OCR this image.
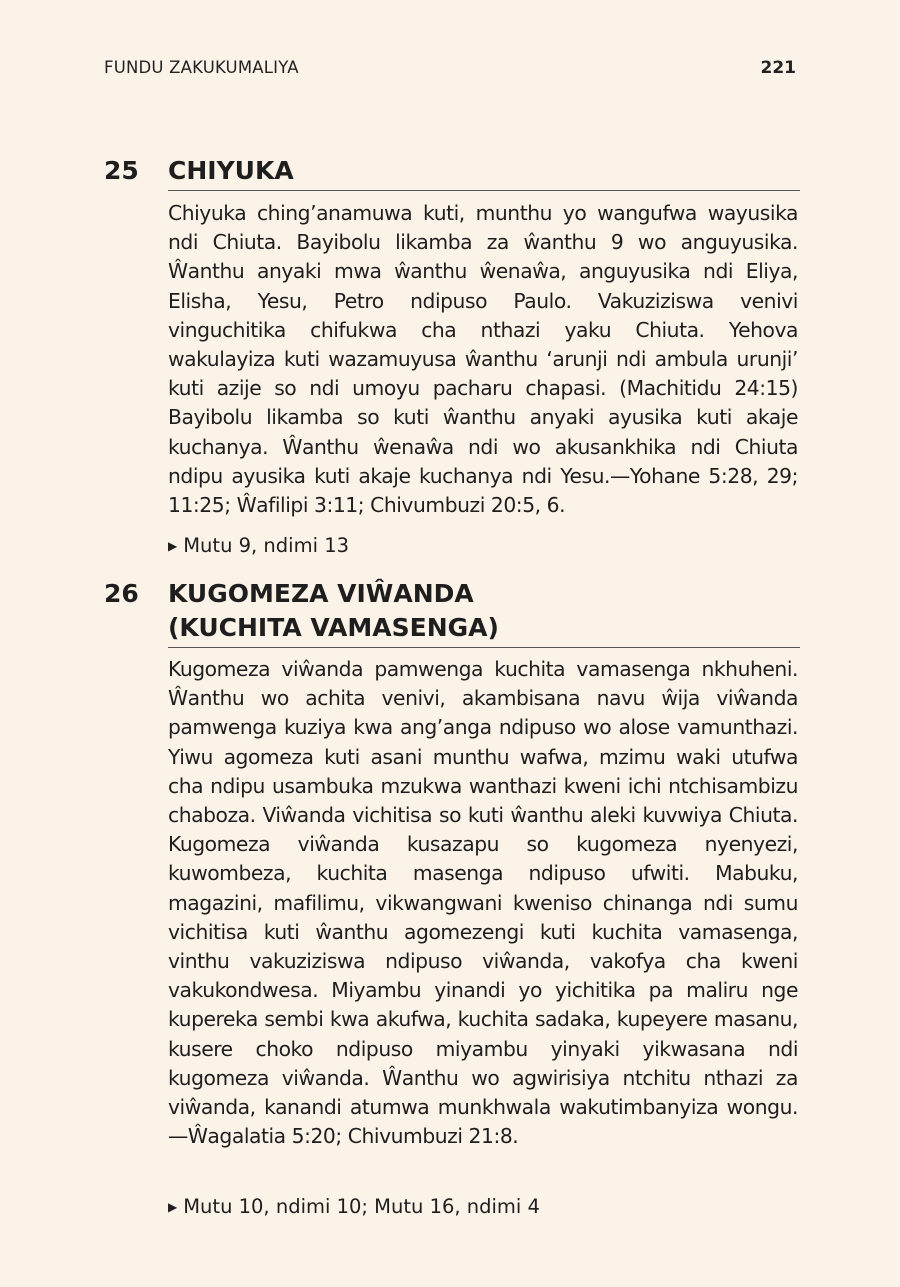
FUNDU ZAKUKUMALIYA	221
25 CHIYUKA

Chiyuka ching’anamuwa kuti, munthu yo wangufwa wayusika ndi Chiuta. Bayibolu likamba za ŵanthu 9 wo anguyusika. Ŵanthu anyaki mwa ŵanthu ŵenaŵa, anguyusika ndi Eliya, Elisha, Yesu, Petro ndipuso Paulo. Vakuziziswa venivi vinguchitika chifukwa cha nthazi yaku Chiuta. Yehova wakulayiza kuti wazamuyusa ŵanthu ‘arunji ndi ambula urunji’ kuti azije so ndi umoyu pacharu chapasi. (Machitidu 24:15) Bayibolu likamba so kuti ŵanthu anyaki ayusika kuti akaje kuchanya. Ŵanthu ŵenaŵa ndi wo akusankhika ndi Chiuta ndipu ayusika kuti akaje kuchanya ndi Yesu.—Yohane 5:28, 29; 11:25; Ŵafilipi 3:11; Chivumbuzi 20:5, 6.

▶ Mutu 9, ndimi 13
26 KUGOMEZA VIŴANDA
(KUCHITA VAMASENGA)

Kugomeza viŵanda pamwenga kuchita vamasenga nkhuheni. Ŵanthu wo achita venivi, akambisana navu ŵija viŵanda pamwenga kuziya kwa ang’anga ndipuso wo alose vamunthazi. Yiwu agomeza kuti asani munthu wafwa, mzimu waki utufwa cha ndipu usambuka mzukwa wanthazi kweni ichi ntchisambizu chaboza. Viŵanda vichitisa so kuti ŵanthu aleki kuvwiya Chiuta. Kugomeza viŵanda kusazapu so kugomeza nyenyezi, kuwombeza, kuchita masenga ndipuso ufwiti. Mabuku, magazini, mafilimu, vikwangwani kweniso chinanga ndi sumu vichitisa kuti ŵanthu agomezengi kuti kuchita vamasenga, vinthu vakuziziswa ndipuso viŵanda, vakofya cha kweni vakukondwesa. Miyambu yinandi yo yichitika pa maliru nge kupereka sembi kwa akufwa, kuchita sadaka, kupeyere masanu, kusere choko ndipuso miyambu yinyaki yikwasana ndi kugomeza viŵanda. Ŵanthu wo agwirisiya ntchitu nthazi za viŵanda, kanandi atumwa munkhwala wakutimbanyiza wongu.—Ŵagalatia 5:20; Chivumbuzi 21:8.

▶ Mutu 10, ndimi 10; Mutu 16, ndimi 4
